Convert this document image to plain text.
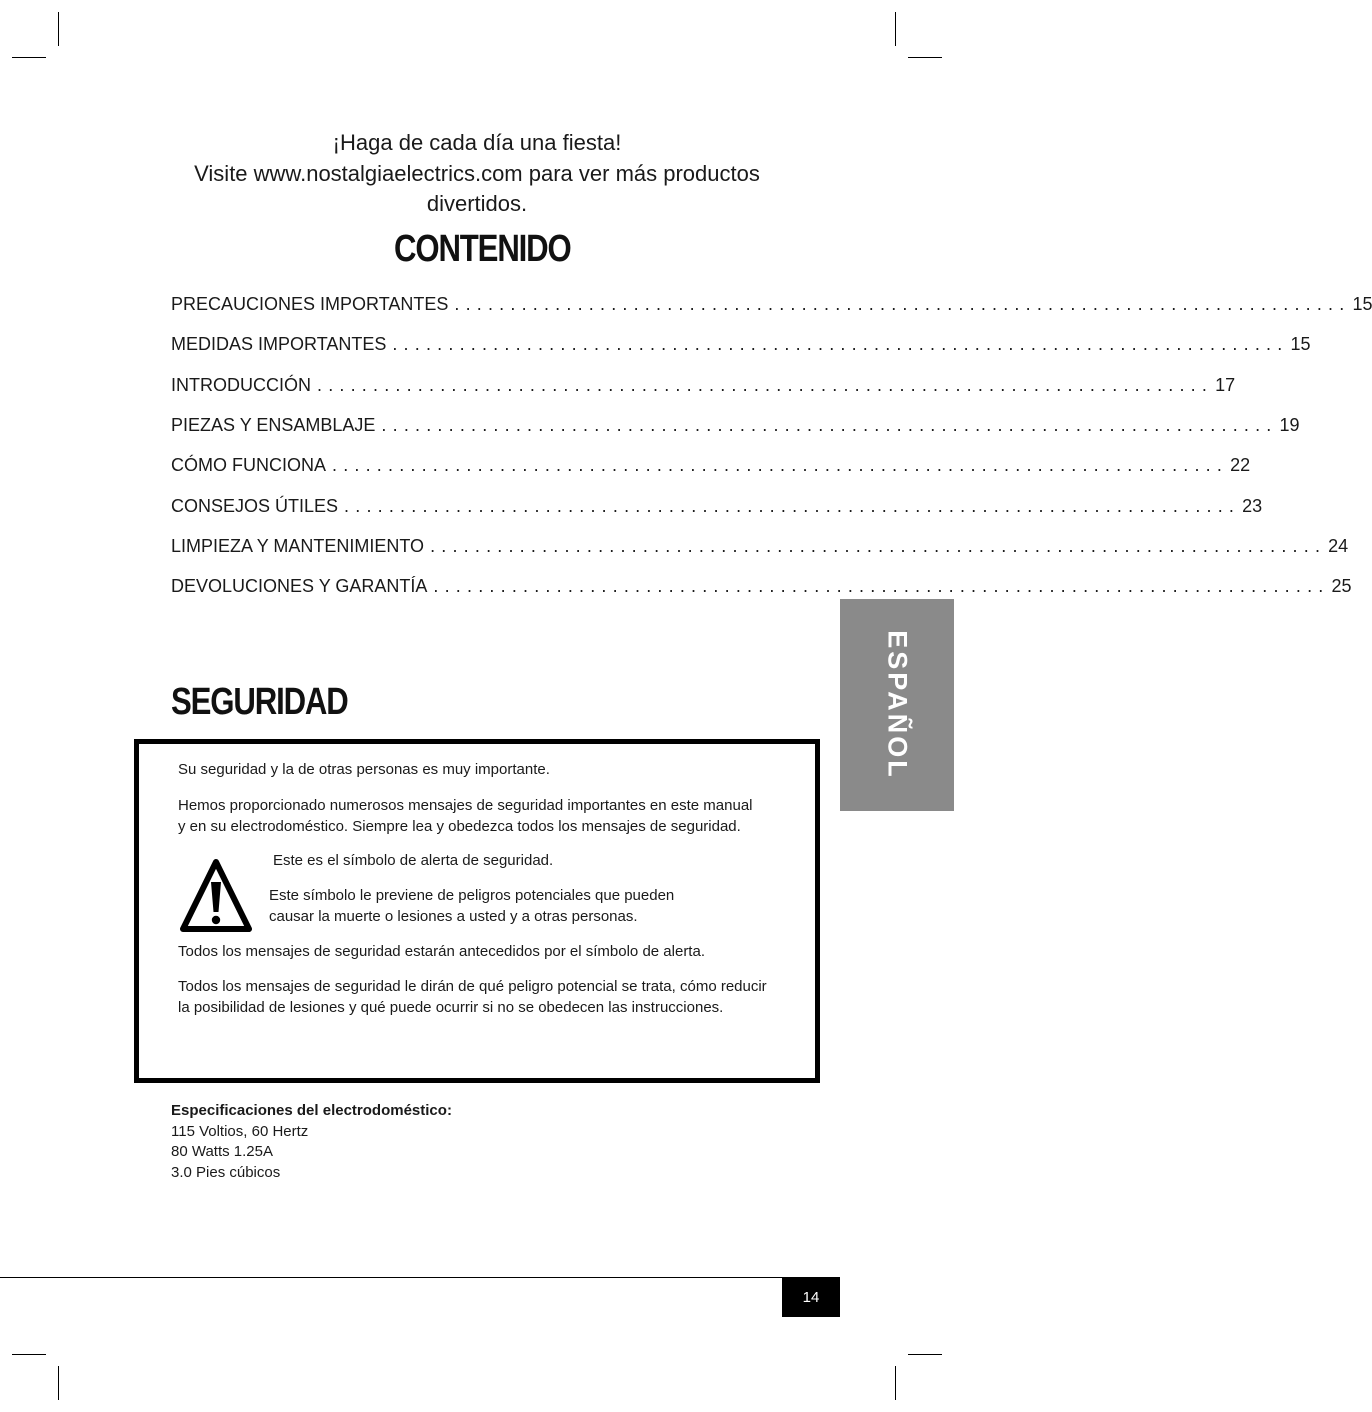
¡Haga de cada día una fiesta!
Visite www.nostalgiaelectrics.com para ver más productos
divertidos.
CONTENIDO
PRECAUCIONES IMPORTANTES ................................................................................ 15
MEDIDAS IMPORTANTES ................................................................................ 15
INTRODUCCIÓN ................................................................................ 17
PIEZAS Y ENSAMBLAJE ................................................................................ 19
CÓMO FUNCIONA ................................................................................ 22
CONSEJOS ÚTILES ................................................................................ 23
LIMPIEZA Y MANTENIMIENTO ................................................................................ 24
DEVOLUCIONES Y GARANTÍA ................................................................................ 25
ESPAÑOL
SEGURIDAD
Su seguridad y la de otras personas es muy importante.
Hemos proporcionado numerosos mensajes de seguridad importantes en este manual
y en su electrodoméstico. Siempre lea y obedezca todos los mensajes de seguridad.
Este es el símbolo de alerta de seguridad.
Este símbolo le previene de peligros potenciales que pueden
causar la muerte o lesiones a usted y a otras personas.
Todos los mensajes de seguridad estarán antecedidos por el símbolo de alerta.
Todos los mensajes de seguridad le dirán de qué peligro potencial se trata, cómo reducir
la posibilidad de lesiones y qué puede ocurrir si no se obedecen las instrucciones.
Especificaciones del electrodoméstico:
115 Voltios, 60 Hertz
80 Watts 1.25A
3.0 Pies cúbicos
14
